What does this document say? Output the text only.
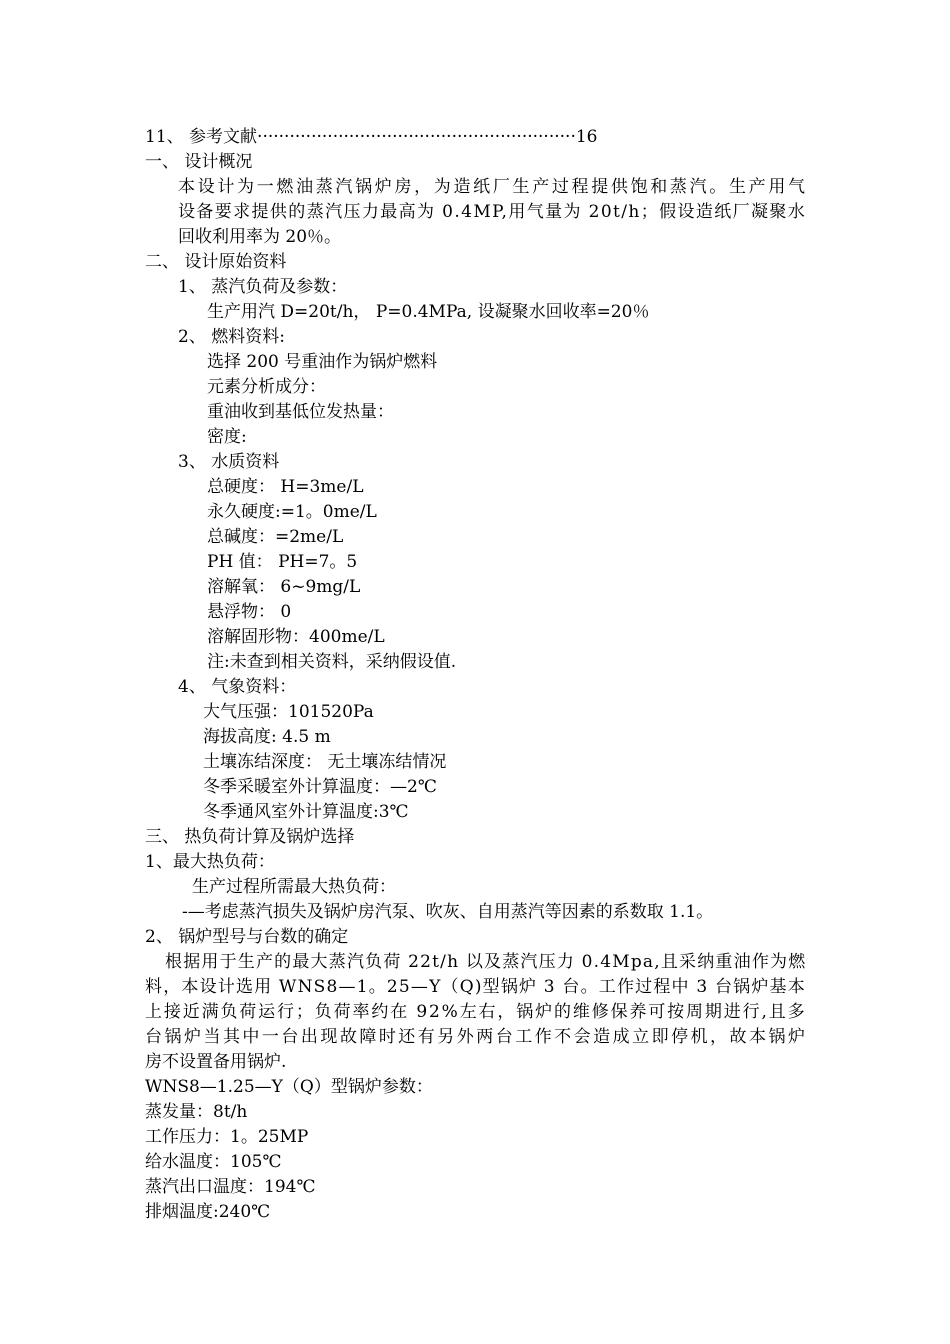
11、 参考文献···························································16

一、 设计概况

本设计为一燃油蒸汽锅炉房，为造纸厂生产过程提供饱和蒸汽。生产用气

设备要求提供的蒸汽压力最高为 0.4MP,用气量为 20t/h；假设造纸厂凝聚水

回收利用率为 20％。

二、 设计原始资料

1、 蒸汽负荷及参数：

生产用汽 D=20t/h， P=0.4MPa, 设凝聚水回收率=20％

2、 燃料资料:

选择 200 号重油作为锅炉燃料

元素分析成分：

重油收到基低位发热量：

密度:

3、 水质资料

总硬度： H=3me/L

永久硬度:=1。0me/L

总碱度：=2me/L

PH 值： PH=7。5

溶解氧： 6~9mg/L

悬浮物： 0

溶解固形物：400me/L

注:未查到相关资料，采纳假设值.

4、 气象资料：

大气压强：101520Pa

海拔高度: 4.5 m

土壤冻结深度： 无土壤冻结情况

冬季采暖室外计算温度：—2℃

冬季通风室外计算温度:3℃

三、 热负荷计算及锅炉选择

1、最大热负荷：

生产过程所需最大热负荷：

-—考虑蒸汽损失及锅炉房汽泵、吹灰、自用蒸汽等因素的系数取 1.1。

2、 锅炉型号与台数的确定

根据用于生产的最大蒸汽负荷 22t/h 以及蒸汽压力 0.4Mpa,且采纳重油作为燃

料，本设计选用 WNS8—1。25—Y（Q)型锅炉 3 台。工作过程中 3 台锅炉基本

上接近满负荷运行；负荷率约在 92%左右，锅炉的维修保养可按周期进行,且多

台锅炉当其中一台出现故障时还有另外两台工作不会造成立即停机，故本锅炉

房不设置备用锅炉.

WNS8—1.25—Y（Q）型锅炉参数：

蒸发量：8t/h

工作压力：1。25MP

给水温度：105℃

蒸汽出口温度：194℃

排烟温度:240℃
